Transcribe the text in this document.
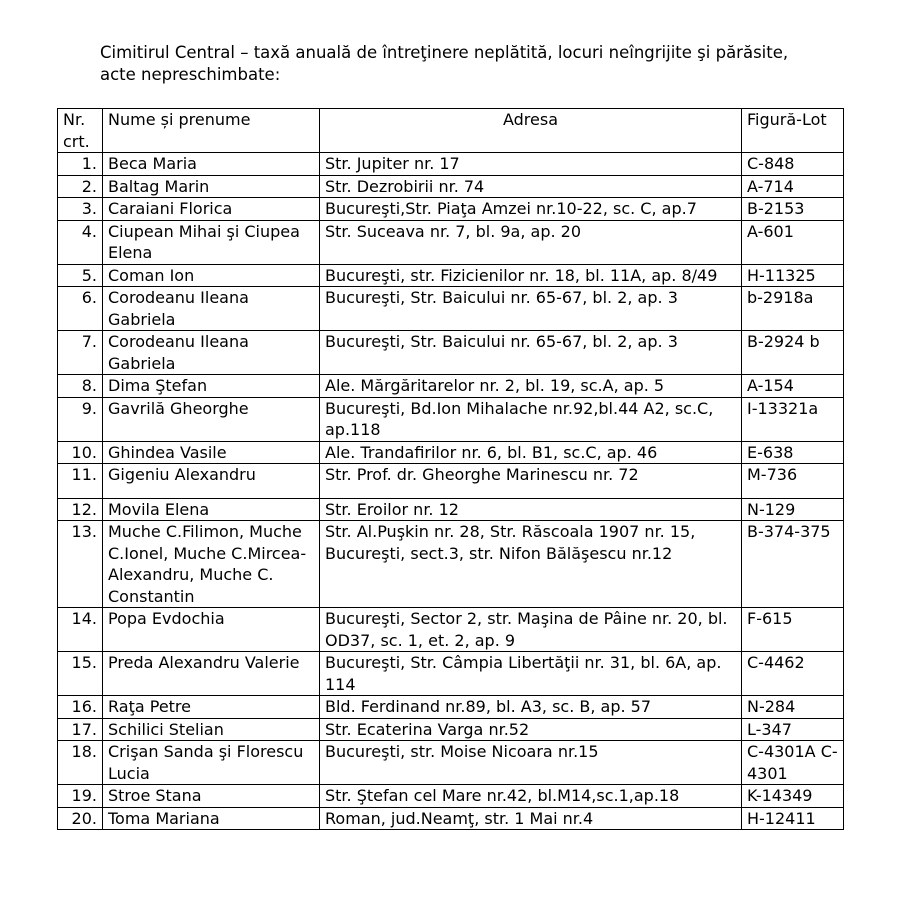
Cimitirul Central – taxă anuală de întreţinere neplătită, locuri neîngrijite şi părăsite, acte nepreschimbate:

Nr. crt.	Nume și prenume	Adresa	Figură-Lot
1.	Beca Maria	Str. Jupiter nr. 17	C-848
2.	Baltag Marin	Str. Dezrobirii nr. 74	A-714
3.	Caraiani Florica	Bucureşti,Str. Piaţa Amzei nr.10-22, sc. C, ap.7	B-2153
4.	Ciupean Mihai şi Ciupea Elena	Str. Suceava nr. 7, bl. 9a, ap. 20	A-601
5.	Coman Ion	Bucureşti, str. Fizicienilor nr. 18, bl. 11A, ap. 8/49	H-11325
6.	Corodeanu Ileana Gabriela	Bucureşti, Str. Baicului nr. 65-67, bl. 2, ap. 3	b-2918a
7.	Corodeanu Ileana Gabriela	Bucureşti, Str. Baicului nr. 65-67, bl. 2, ap. 3	B-2924 b
8.	Dima Ştefan	Ale. Mărgăritarelor nr. 2, bl. 19, sc.A, ap. 5	A-154
9.	Gavrilă Gheorghe	Bucureşti, Bd.Ion Mihalache nr.92,bl.44 A2, sc.C, ap.118	I-13321a
10.	Ghindea Vasile	Ale. Trandafirilor nr. 6, bl. B1, sc.C, ap. 46	E-638
11.	Gigeniu Alexandru	Str. Prof. dr. Gheorghe Marinescu nr. 72	M-736
12.	Movila Elena	Str. Eroilor nr. 12	N-129
13.	Muche C.Filimon, Muche C.Ionel, Muche C.Mircea-Alexandru, Muche C. Constantin	Str. Al.Puşkin nr. 28, Str. Răscoala 1907 nr. 15, Bucureşti, sect.3, str. Nifon Bălăşescu nr.12	B-374-375
14.	Popa Evdochia	Bucureşti, Sector 2, str. Maşina de Pâine nr. 20, bl. OD37, sc. 1, et. 2, ap. 9	F-615
15.	Preda Alexandru Valerie	Bucureşti, Str. Câmpia Libertăţii nr. 31, bl. 6A, ap. 114	C-4462
16.	Raţa Petre	Bld. Ferdinand nr.89, bl. A3, sc. B, ap. 57	N-284
17.	Schilici Stelian	Str. Ecaterina Varga nr.52	L-347
18.	Crişan Sanda şi Florescu Lucia	Bucureşti, str. Moise Nicoara nr.15	C-4301A C-4301
19.	Stroe Stana	Str. Ştefan cel Mare nr.42, bl.M14,sc.1,ap.18	K-14349
20.	Toma Mariana	Roman, jud.Neamţ, str. 1 Mai nr.4	H-12411
